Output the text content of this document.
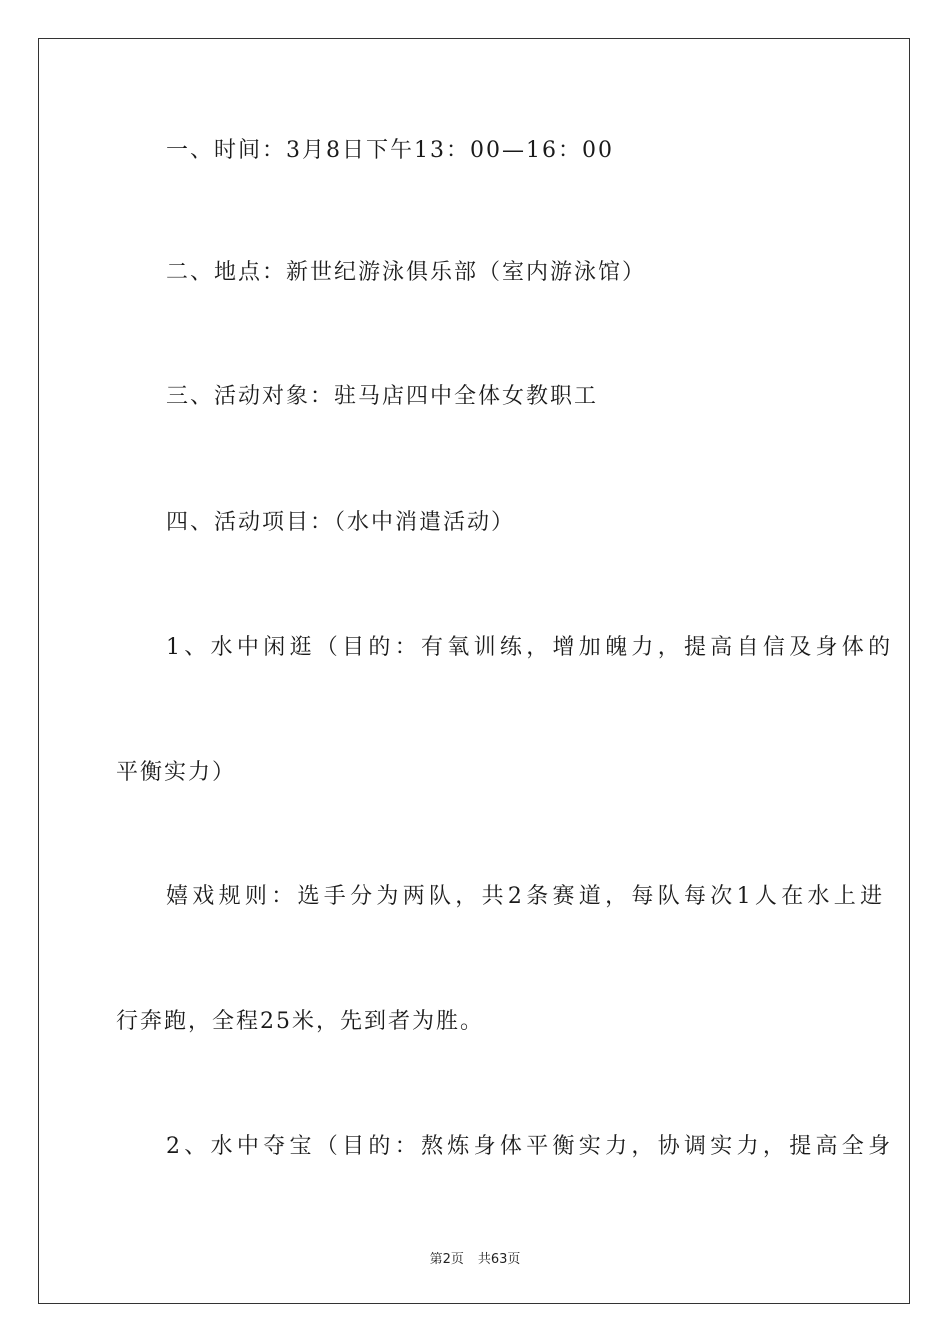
一、时间：3月8日下午13：00—16：00
二、地点：新世纪游泳俱乐部（室内游泳馆）
三、活动对象：驻马店四中全体女教职工
四、活动项目：（水中消遣活动）
1、水中闲逛（目的：有氧训练，增加魄力，提高自信及身体的
平衡实力）
嬉戏规则：选手分为两队，共2条赛道，每队每次1人在水上进
行奔跑，全程25米，先到者为胜。
2、水中夺宝（目的：熬炼身体平衡实力，协调实力，提高全身
第2页 共63页
